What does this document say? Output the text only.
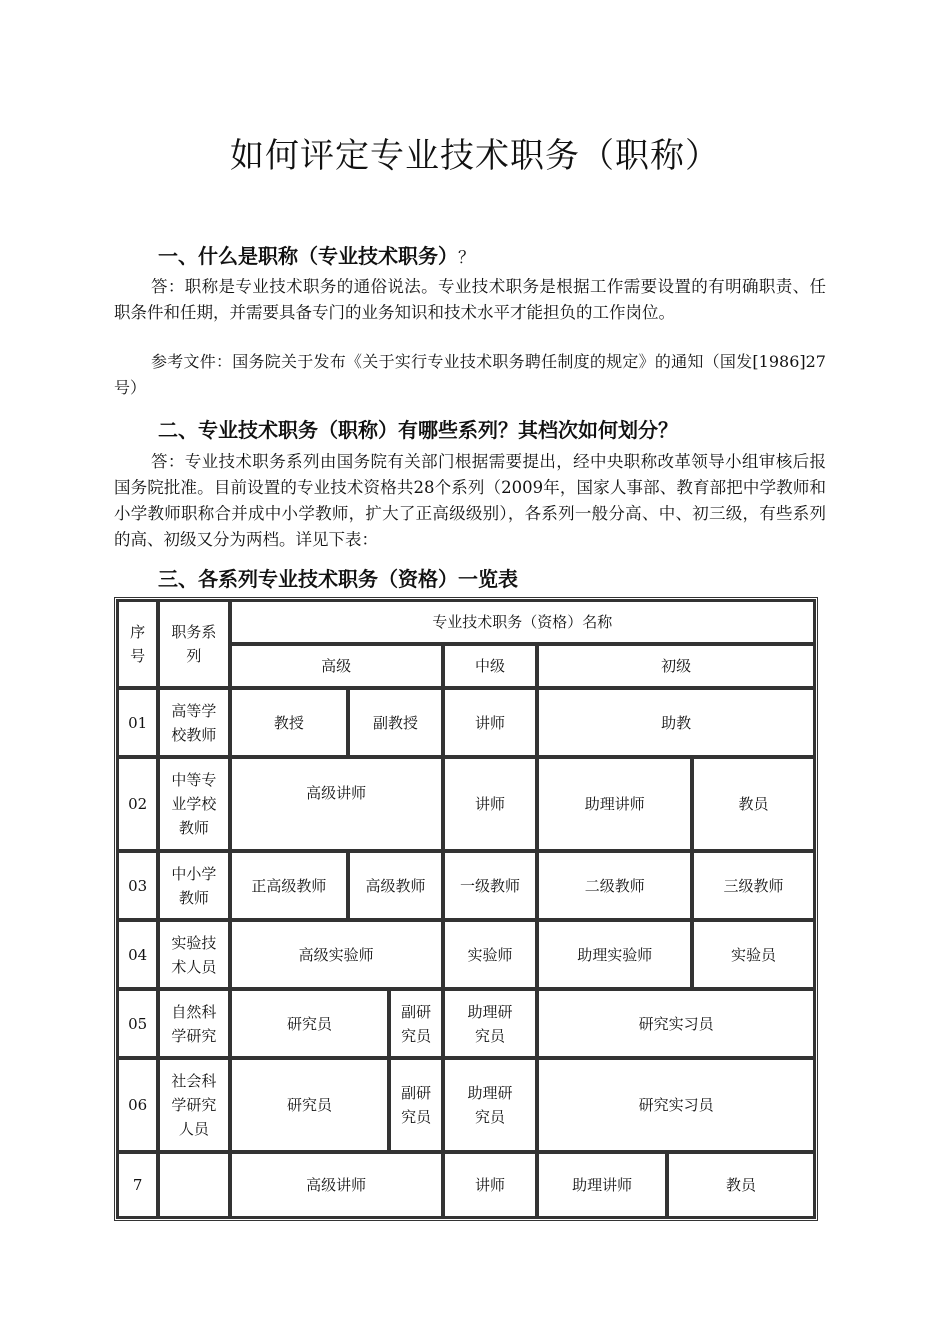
如何评定专业技术职务（职称）
一、什么是职称（专业技术职务）？

答：职称是专业技术职务的通俗说法。专业技术职务是根据工作需要设置的有明确职责、任职条件和任期，并需要具备专门的业务知识和技术水平才能担负的工作岗位。

参考文件：国务院关于发布《关于实行专业技术职务聘任制度的规定》的通知（国发[1986]27号）

二、专业技术职务（职称）有哪些系列？其档次如何划分？

答：专业技术职务系列由国务院有关部门根据需要提出，经中央职称改革领导小组审核后报国务院批准。目前设置的专业技术资格共28个系列（2009年，国家人事部、教育部把中学教师和小学教师职称合并成中小学教师，扩大了正高级级别），各系列一般分高、中、初三级，有些系列的高、初级又分为两档。详见下表：

三、各系列专业技术职务（资格）一览表
序号	职务系列	专业技术职务（资格）名称						
		高级			中级	初级		
01	高等学校教师	教授	副教授		讲师	助教		
02	中等专业学校教师	高级讲师			讲师	助理讲师		教员
03	中小学教师	正高级教师	高级教师		一级教师	二级教师		三级教师
04	实验技术人员	高级实验师			实验师	助理实验师		实验员
05	自然科学研究	研究员		副研究员	助理研究员	研究实习员		
06	社会科学研究人员	研究员		副研究员	助理研究员	研究实习员		
7		高级讲师			讲师	助理讲师	教员	
